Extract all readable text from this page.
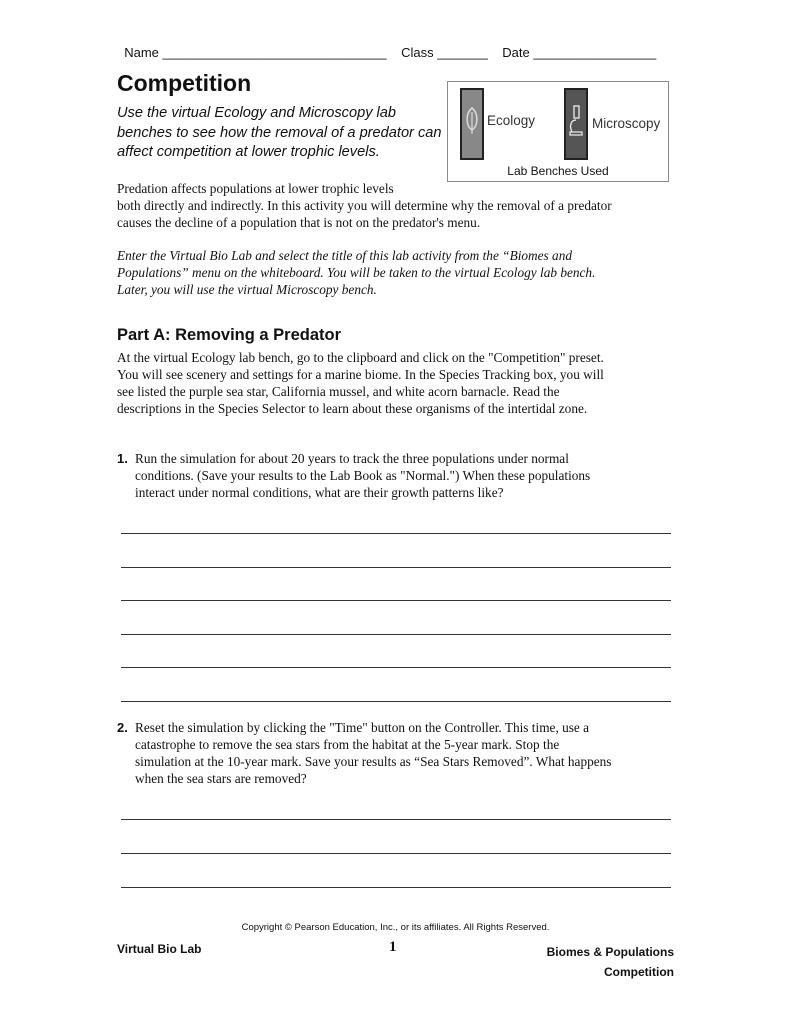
Name _______________________________ Class _______ Date _________________

Competition
Use the virtual Ecology and Microscopy lab benches to see how the removal of a predator can affect competition at lower trophic levels.
Ecology	Microscopy
Lab Benches Used
Predation affects populations at lower trophic levels
both directly and indirectly. In this activity you will determine why the removal of a predator causes the decline of a population that is not on the predator's menu.
Enter the Virtual Bio Lab and select the title of this lab activity from the “Biomes and Populations” menu on the whiteboard. You will be taken to the virtual Ecology lab bench. Later, you will use the virtual Microscopy bench.
Part A: Removing a Predator
At the virtual Ecology lab bench, go to the clipboard and click on the "Competition" preset. You will see scenery and settings for a marine biome. In the Species Tracking box, you will see listed the purple sea star, California mussel, and white acorn barnacle. Read the descriptions in the Species Selector to learn about these organisms of the intertidal zone.
1. Run the simulation for about 20 years to track the three populations under normal conditions. (Save your results to the Lab Book as "Normal.") When these populations interact under normal conditions, what are their growth patterns like?
2. Reset the simulation by clicking the "Time" button on the Controller. This time, use a catastrophe to remove the sea stars from the habitat at the 5-year mark. Stop the simulation at the 10-year mark. Save your results as “Sea Stars Removed”. What happens when the sea stars are removed?
Copyright © Pearson Education, Inc., or its affiliates. All Rights Reserved.
Virtual Bio Lab	1	Biomes & Populations
Competition
